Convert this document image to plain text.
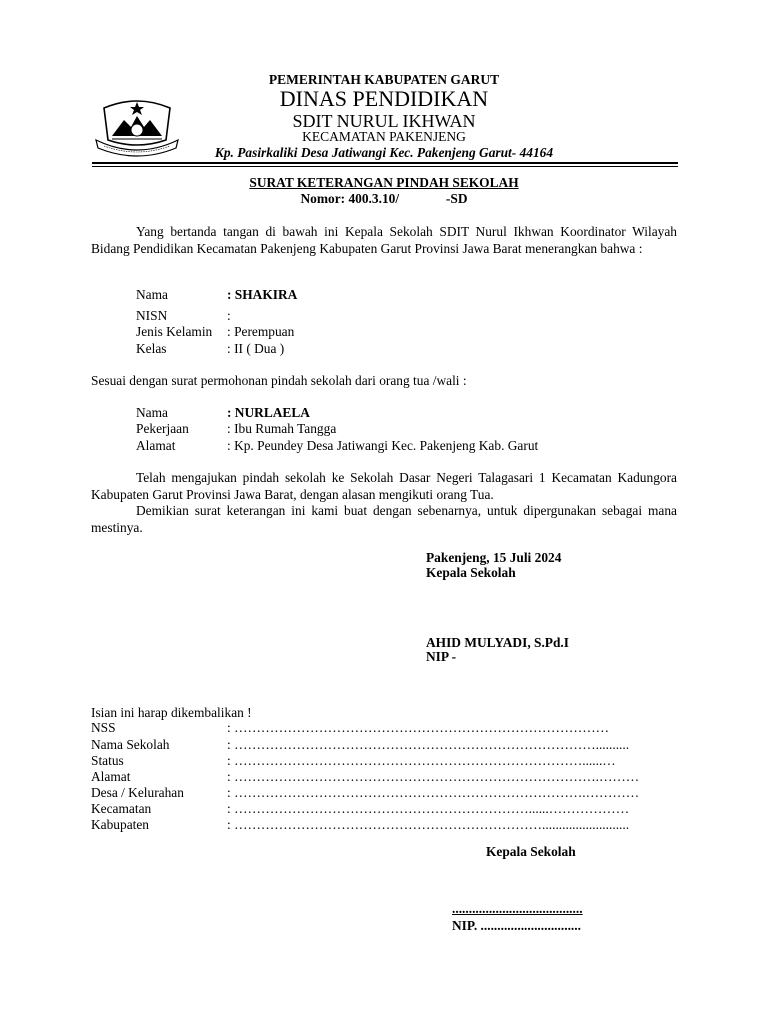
PEMERINTAH KABUPATEN GARUT
DINAS PENDIDIKAN
SDIT NURUL IKHWAN
KECAMATAN PAKENJENG
Kp. Pasirkaliki Desa Jatiwangi Kec. Pakenjeng Garut- 44164
SURAT KETERANGAN PINDAH SEKOLAH
Nomor: 400.3.10/              -SD
Yang bertanda tangan di bawah ini Kepala Sekolah SDIT Nurul Ikhwan Koordinator Wilayah Bidang Pendidikan Kecamatan Pakenjeng Kabupaten Garut Provinsi Jawa Barat menerangkan bahwa :
Nama	: SHAKIRA
NISN	:
Jenis Kelamin : Perempuan
Kelas	: II ( Dua )
Sesuai dengan surat permohonan pindah sekolah dari orang tua /wali :
Nama	: NURLAELA
Pekerjaan	: Ibu Rumah Tangga
Alamat	: Kp. Peundey Desa Jatiwangi Kec. Pakenjeng Kab. Garut
Telah mengajukan pindah sekolah ke Sekolah Dasar Negeri Talagasari 1 Kecamatan Kadungora Kabupaten Garut Provinsi Jawa Barat, dengan alasan mengikuti orang Tua.
Demikian surat keterangan ini kami buat dengan sebenarnya, untuk dipergunakan sebagai mana mestinya.
Pakenjeng, 15 Juli 2024
Kepala Sekolah
AHID MULYADI, S.Pd.I
NIP -
Isian ini harap dikembalikan !
NSS	: …………………………………………………………………………
Nama Sekolah	: ………………………………………………………………………..........
Status	: ……………………………………………………………………......…
Alamat	: ……………………………………………………………………….………
Desa / Kelurahan	: …………………………………………………………………….…………
Kecamatan	: …………………………………………………………......………………
Kabupaten	: ……………………………………………………………..........................
Kepala Sekolah
.......................................
NIP. ..............................
